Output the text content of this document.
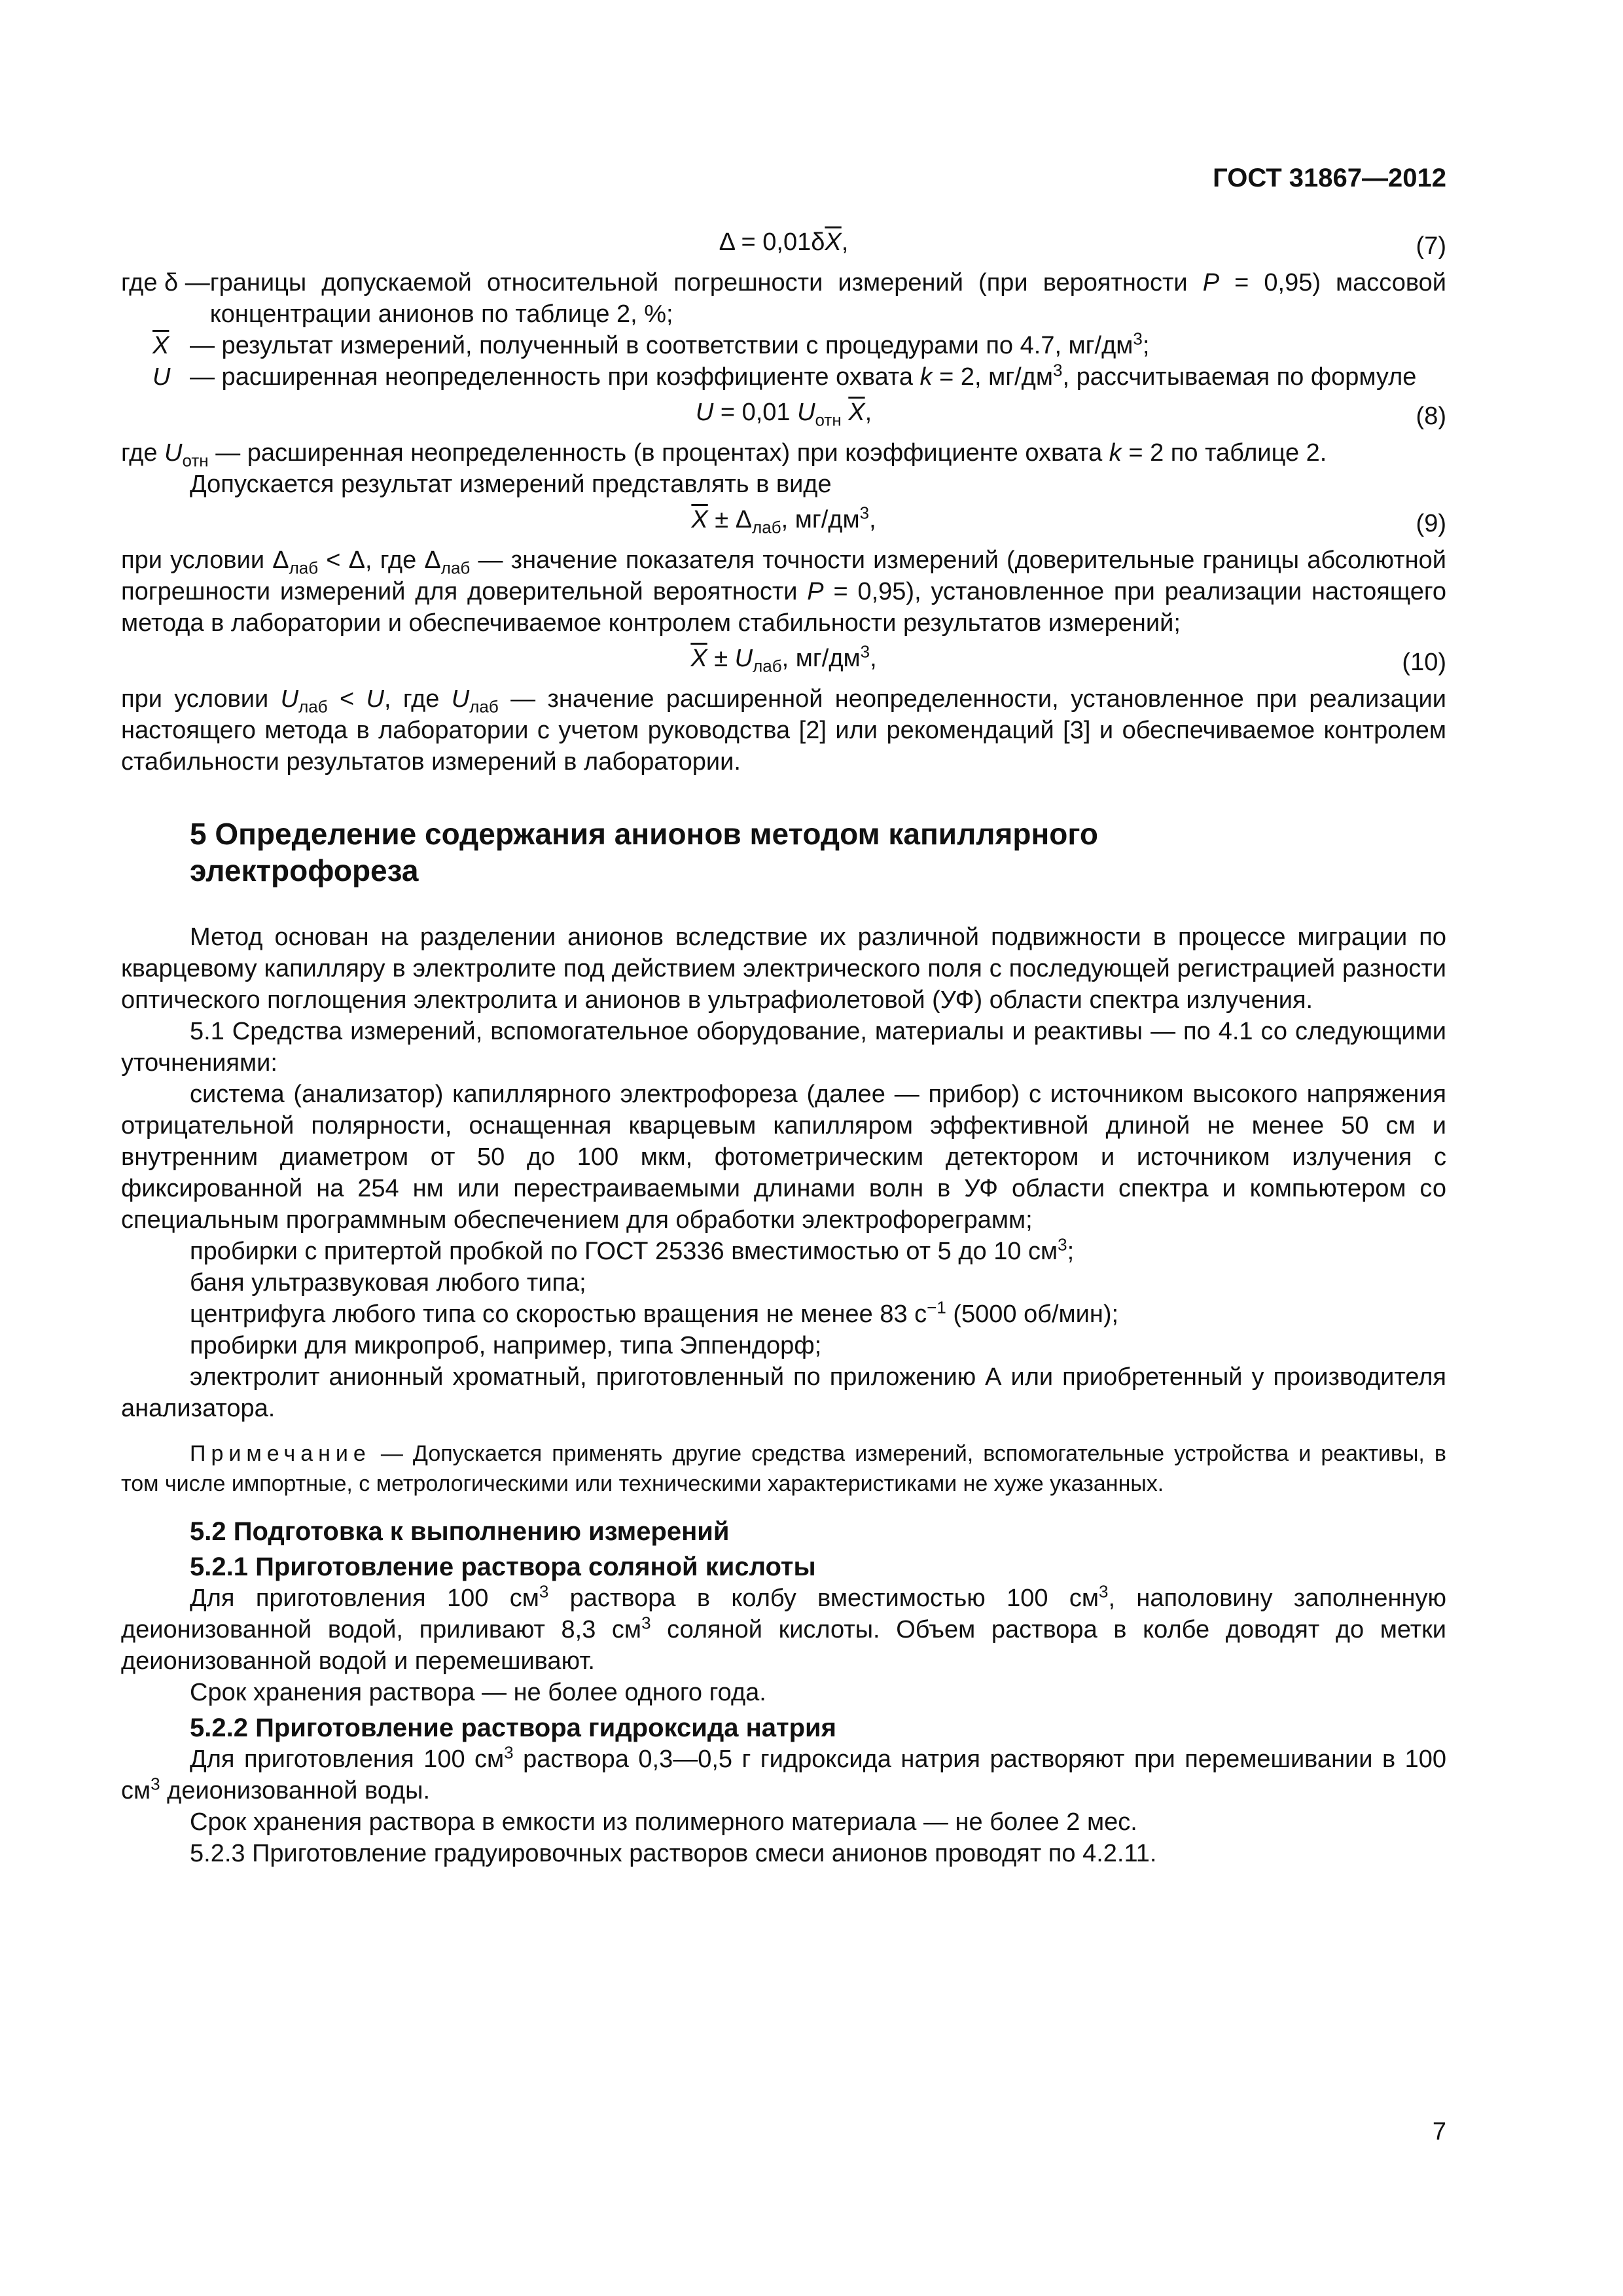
ГОСТ 31867—2012
$\Delta = 0,01\delta\overline{X}$,	(7)
где δ — границы допускаемой относительной погрешности измерений (при вероятности P = 0,95) массовой концентрации анионов по таблице 2, %;
$\overline{X}$ — результат измерений, полученный в соответствии с процедурами по 4.7, $мг/дм^3$;
U — расширенная неопределенность при коэффициенте охвата k = 2, $мг/дм^3$, рассчитываемая по формуле
U = 0,01 $U_{отн}$ $\overline{X}$,	(8)

где $U_{отн}$ — расширенная неопределенность (в процентах) при коэффициенте охвата k = 2 по таблице 2.

Допускается результат измерений представлять в виде

$\overline{X} \pm \Delta_{лаб}$, $мг/дм^3$,	(9)

при условии $\Delta_{лаб} < \Delta$, где $\Delta_{лаб}$ — значение показателя точности измерений (доверительные границы абсолютной погрешности измерений для доверительной вероятности P = 0,95), установленное при реализации настоящего метода в лаборатории и обеспечиваемое контролем стабильности результатов измерений;

$\overline{X} \pm U_{лаб}$, $мг/дм^3$,	(10)

при условии $U_{лаб} < U$, где $U_{лаб}$ — значение расширенной неопределенности, установленное при реализации настоящего метода в лаборатории с учетом руководства [2] или рекомендаций [3] и обеспечиваемое контролем стабильности результатов измерений в лаборатории.

5 Определение содержания анионов методом капиллярного
электрофореза

Метод основан на разделении анионов вследствие их различной подвижности в процессе миграции по кварцевому капилляру в электролите под действием электрического поля с последующей регистрацией разности оптического поглощения электролита и анионов в ультрафиолетовой (УФ) области спектра излучения.

5.1 Средства измерений, вспомогательное оборудование, материалы и реактивы — по 4.1 со следующими уточнениями:

система (анализатор) капиллярного электрофореза (далее — прибор) с источником высокого напряжения отрицательной полярности, оснащенная кварцевым капилляром эффективной длиной не менее 50 см и внутренним диаметром от 50 до 100 мкм, фотометрическим детектором и источником излучения с фиксированной на 254 нм или перестраиваемыми длинами волн в УФ области спектра и компьютером со специальным программным обеспечением для обработки электрофореграмм;

пробирки с притертой пробкой по ГОСТ 25336 вместимостью от 5 до 10 $см^3$;

баня ультразвуковая любого типа;

центрифуга любого типа со скоростью вращения не менее 83 $с^{-1}$ (5000 об/мин);

пробирки для микропроб, например, типа Эппендорф;

электролит анионный хроматный, приготовленный по приложению А или приобретенный у производителя анализатора.

Примечание — Допускается применять другие средства измерений, вспомогательные устройства и реактивы, в том числе импортные, с метрологическими или техническими характеристиками не хуже указанных.

5.2 Подготовка к выполнению измерений
5.2.1 Приготовление раствора соляной кислоты

Для приготовления 100 $см^3$ раствора в колбу вместимостью 100 $см^3$, наполовину заполненную деионизованной водой, приливают 8,3 $см^3$ соляной кислоты. Объем раствора в колбе доводят до метки деионизованной водой и перемешивают.

Срок хранения раствора — не более одного года.

5.2.2 Приготовление раствора гидроксида натрия

Для приготовления 100 $см^3$ раствора 0,3—0,5 г гидроксида натрия растворяют при перемешивании в 100 $см^3$ деионизованной воды.

Срок хранения раствора в емкости из полимерного материала — не более 2 мес.

5.2.3 Приготовление градуировочных растворов смеси анионов проводят по 4.2.11.

7
